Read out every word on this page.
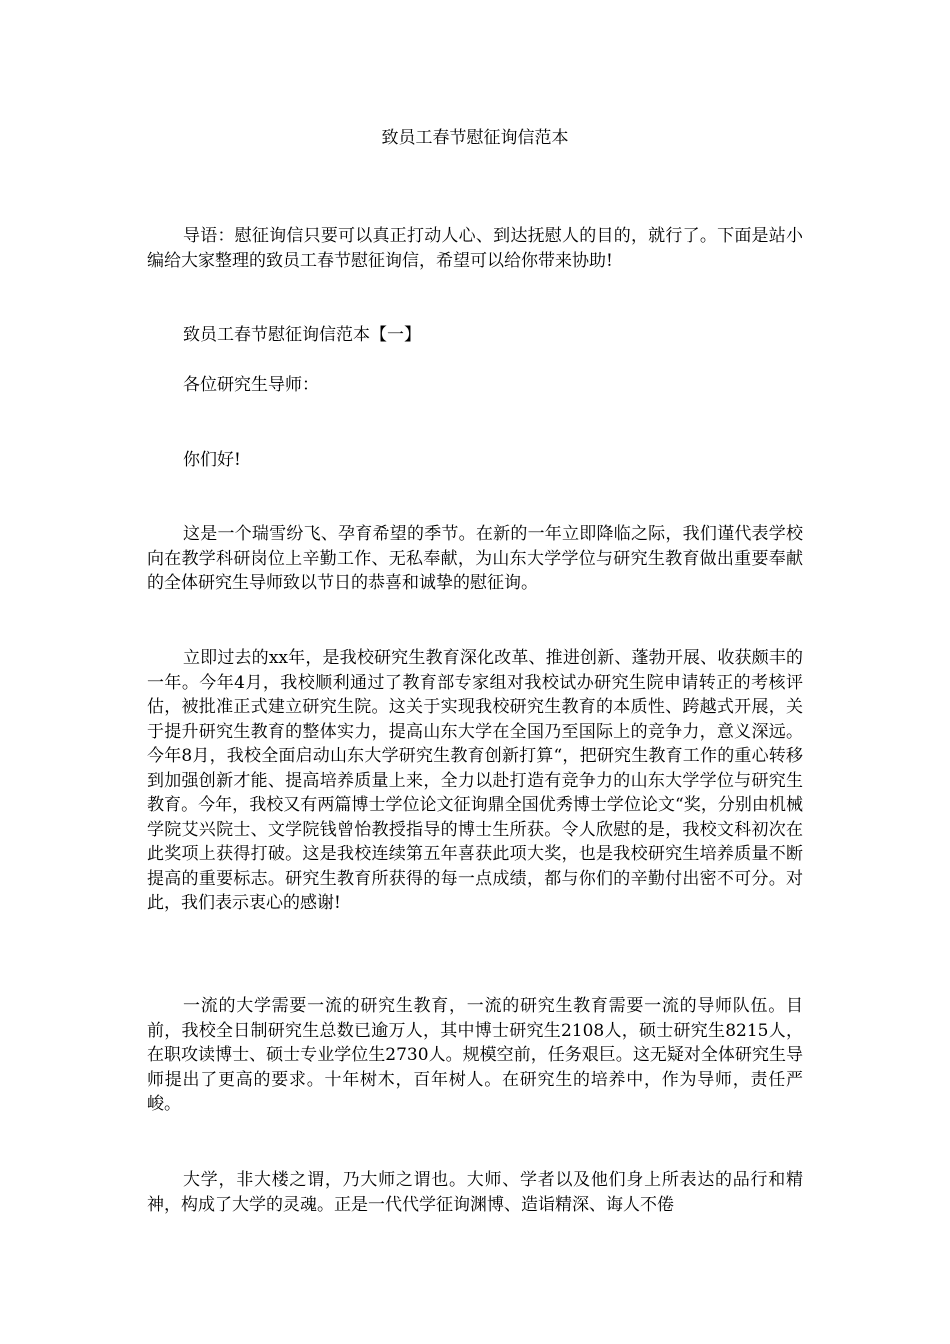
致员工春节慰征询信范本

导语：慰征询信只要可以真正打动人心、到达抚慰人的目的，就行了。下面是站小编给大家整理的致员工春节慰征询信，希望可以给你带来协助!

致员工春节慰征询信范本【一】

各位研究生导师：

你们好!

这是一个瑞雪纷飞、孕育希望的季节。在新的一年立即降临之际，我们谨代表学校向在教学科研岗位上辛勤工作、无私奉献，为山东大学学位与研究生教育做出重要奉献的全体研究生导师致以节日的恭喜和诚挚的慰征询。

立即过去的xx年，是我校研究生教育深化改革、推进创新、蓬勃开展、收获颇丰的一年。今年4月，我校顺利通过了教育部专家组对我校试办研究生院申请转正的考核评估，被批准正式建立研究生院。这关于实现我校研究生教育的本质性、跨越式开展，关于提升研究生教育的整体实力，提高山东大学在全国乃至国际上的竞争力，意义深远。今年8月，我校全面启动山东大学研究生教育创新打算“，把研究生教育工作的重心转移到加强创新才能、提高培养质量上来，全力以赴打造有竞争力的山东大学学位与研究生教育。今年，我校又有两篇博士学位论文征询鼎全国优秀博士学位论文“奖，分别由机械学院艾兴院士、文学院钱曾怡教授指导的博士生所获。令人欣慰的是，我校文科初次在此奖项上获得打破。这是我校连续第五年喜获此项大奖，也是我校研究生培养质量不断提高的重要标志。研究生教育所获得的每一点成绩，都与你们的辛勤付出密不可分。对此，我们表示衷心的感谢!

一流的大学需要一流的研究生教育，一流的研究生教育需要一流的导师队伍。目前，我校全日制研究生总数已逾万人，其中博士研究生2108人，硕士研究生8215人，在职攻读博士、硕士专业学位生2730人。规模空前，任务艰巨。这无疑对全体研究生导师提出了更高的要求。十年树木，百年树人。在研究生的培养中，作为导师，责任严峻。

大学，非大楼之谓，乃大师之谓也。大师、学者以及他们身上所表达的品行和精神，构成了大学的灵魂。正是一代代学征询渊博、造诣精深、诲人不倦
